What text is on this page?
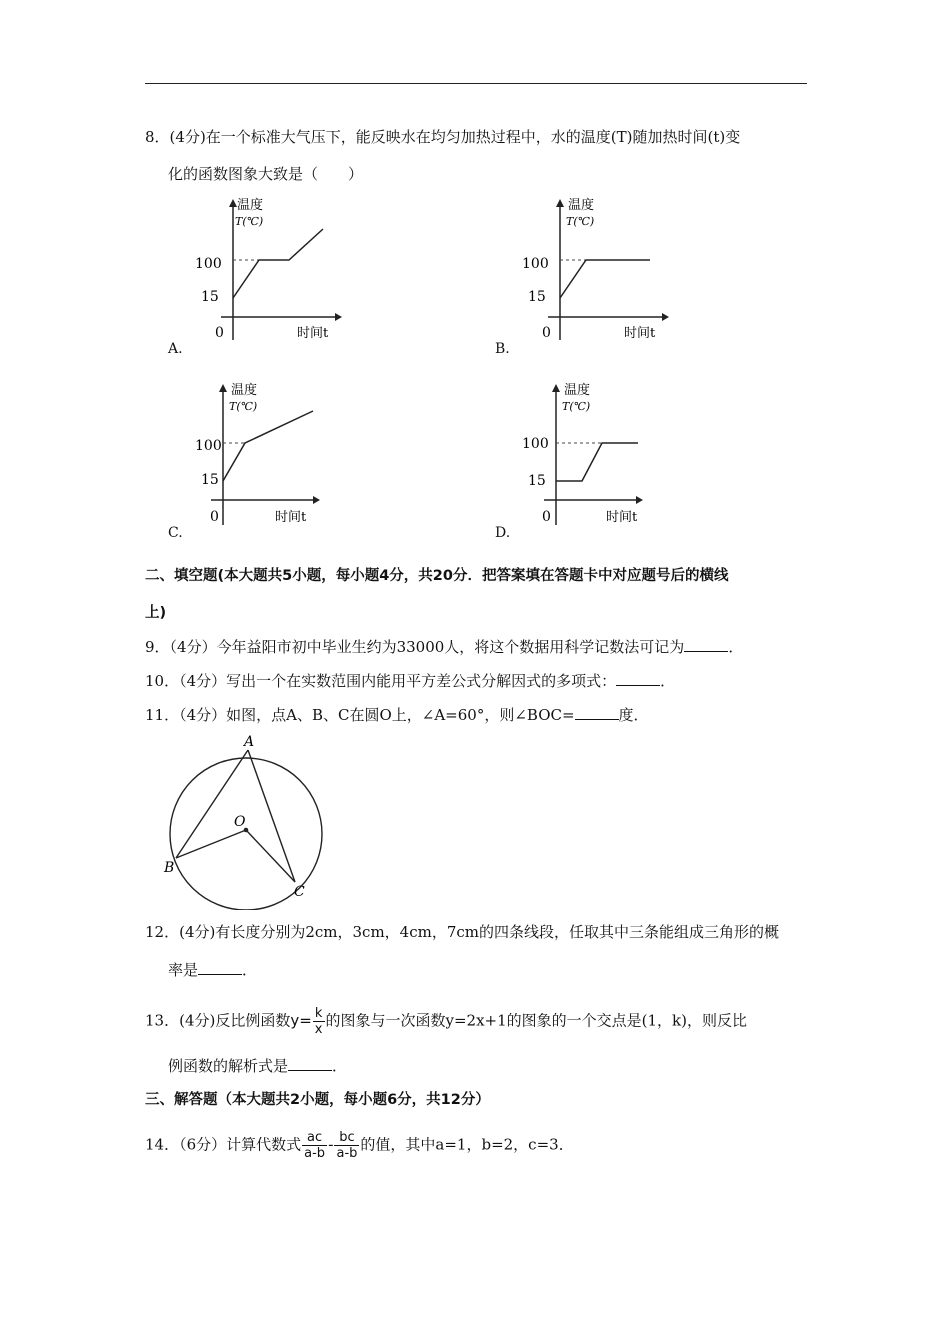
8．(4分)在一个标准大气压下，能反映水在均匀加热过程中，水的温度(T)随加热时间(t)变
化的函数图象大致是（　　）
温度
T(℃)
100
15
0	时间t
A.
温度
T(℃)
100
15
0	时间t
B.
温度
T(℃)
100
15
0	时间t
C.
温度
T(℃)
100
15
0	时间t
D.
二、填空题(本大题共5小题，每小题4分，共20分．把答案填在答题卡中对应题号后的横线
上)
9．（4分）今年益阳市初中毕业生约为33000人，将这个数据用科学记数法可记为	．
10．（4分）写出一个在实数范围内能用平方差公式分解因式的多项式：	．
11．（4分）如图，点A、B、C在圆O上，∠A=60°，则∠BOC=	度．
A
B
C
O
12．(4分)有长度分别为2cm，3cm，4cm，7cm的四条线段，任取其中三条能组成三角形的概
率是	．
13．(4分)反比例函数$y= \frac{k}{x}$ 的图象与一次函数y=2x+1的图象的一个交点是(1，k)，则反比
例函数的解析式是	．
三、解答题（本大题共2小题，每小题6分，共12分）
14．（6分）计算代数式 $\frac{ac}{a-b} - \frac{bc}{a-b}$ 的值，其中a=1，b=2，c=3．
